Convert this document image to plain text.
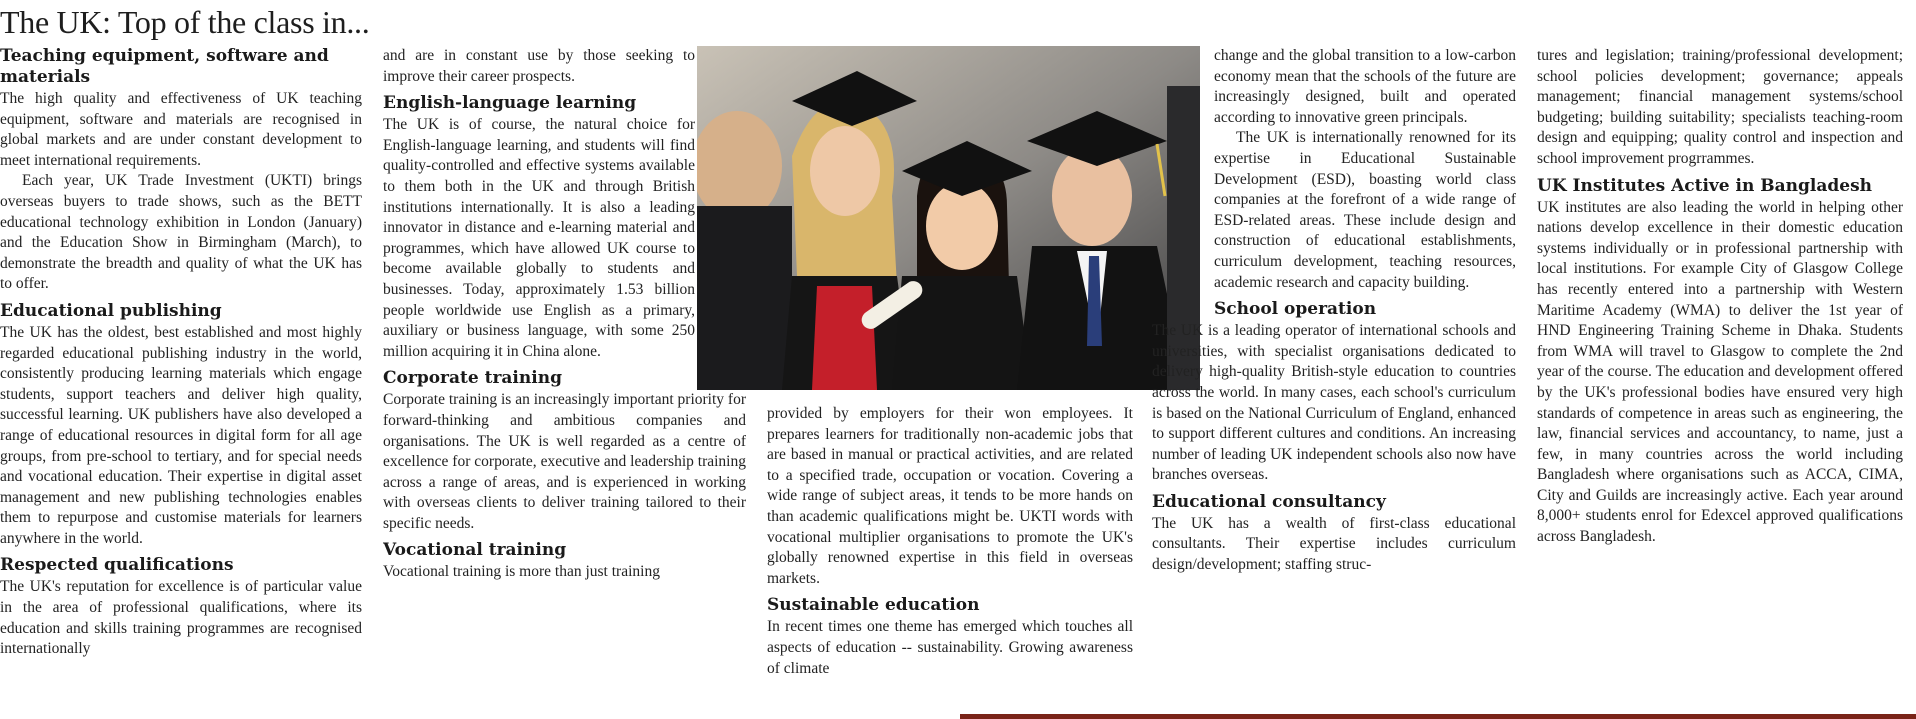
The UK: Top of the class in...
Teaching equipment, software and materials

The high quality and effectiveness of UK teaching equipment, software and materials are recognised in global markets and are under constant development to meet international requirements.

Each year, UK Trade Investment (UKTI) brings overseas buyers to trade shows, such as the BETT educational technology exhibition in London (January) and the Education Show in Birmingham (March), to demonstrate the breadth and quality of what the UK has to offer.

Educational publishing

The UK has the oldest, best established and most highly regarded educational publishing industry in the world, consistently producing learning materials which engage students, support teachers and deliver high quality, successful learning. UK publishers have also developed a range of educational resources in digital form for all age groups, from pre-school to tertiary, and for special needs and vocational education. Their expertise in digital asset management and new publishing technologies enables them to repurpose and customise materials for learners anywhere in the world.

Respected qualifications

The UK's reputation for excellence is of particular value in the area of professional qualifications, where its education and skills training programmes are recognised internationally

and are in constant use by those seeking to improve their career prospects.

English-language learning

The UK is of course, the natural choice for English-language learning, and students will find quality-controlled and effective systems available to them both in the UK and through British institutions internationally. It is also a leading innovator in distance and e-learning material and programmes, which have allowed UK course to become available globally to students and businesses. Today, approximately 1.53 billion people worldwide use English as a primary, auxiliary or business language, with some 250 million acquiring it in China alone.

Corporate training

Corporate training is an increasingly important priority for forward-thinking and ambitious companies and organisations. The UK is well regarded as a centre of excellence for corporate, executive and leadership training across a range of areas, and is experienced in working with overseas clients to deliver training tailored to their specific needs.

Vocational training

Vocational training is more than just training

provided by employers for their won employees. It prepares learners for traditionally non-academic jobs that are based in manual or practical activities, and are related to a specified trade, occupation or vocation. Covering a wide range of subject areas, it tends to be more hands on than academic qualifications might be. UKTI words with vocational multiplier organisations to promote the UK's globally renowned expertise in this field in overseas markets.

Sustainable education

In recent times one theme has emerged which touches all aspects of education -- sustainability. Growing awareness of climate

change and the global transition to a low-carbon economy mean that the schools of the future are increasingly designed, built and operated according to innovative green principals.

The UK is internationally renowned for its expertise in Educational Sustainable Development (ESD), boasting world class companies at the forefront of a wide range of ESD-related areas. These include design and construction of educational establishments, curriculum development, teaching resources, academic research and capacity building.

School operation

The UK is a leading operator of international schools and universities, with specialist organisations dedicated to delivery high-quality British-style education to countries across the world. In many cases, each school's curriculum is based on the National Curriculum of England, enhanced to support different cultures and conditions. An increasing number of leading UK independent schools also now have branches overseas.

Educational consultancy

The UK has a wealth of first-class educational consultants. Their expertise includes curriculum design/development; staffing struc-

tures and legislation; training/professional development; school policies development; governance; appeals management; financial management systems/school budgeting; building suitability; specialists teaching-room design and equipping; quality control and inspection and school improvement progrrammes.

UK Institutes Active in Bangladesh

UK institutes are also leading the world in helping other nations develop excellence in their domestic education systems individually or in professional partnership with local institutions. For example City of Glasgow College has recently entered into a partnership with Western Maritime Academy (WMA) to deliver the 1st year of HND Engineering Training Scheme in Dhaka. Students from WMA will travel to Glasgow to complete the 2nd year of the course. The education and development offered by the UK's professional bodies have ensured very high standards of competence in areas such as engineering, the law, financial services and accountancy, to name, just a few, in many countries across the world including Bangladesh where organisations such as ACCA, CIMA, City and Guilds are increasingly active. Each year around 8,000+ students enrol for Edexcel approved qualifications across Bangladesh.
